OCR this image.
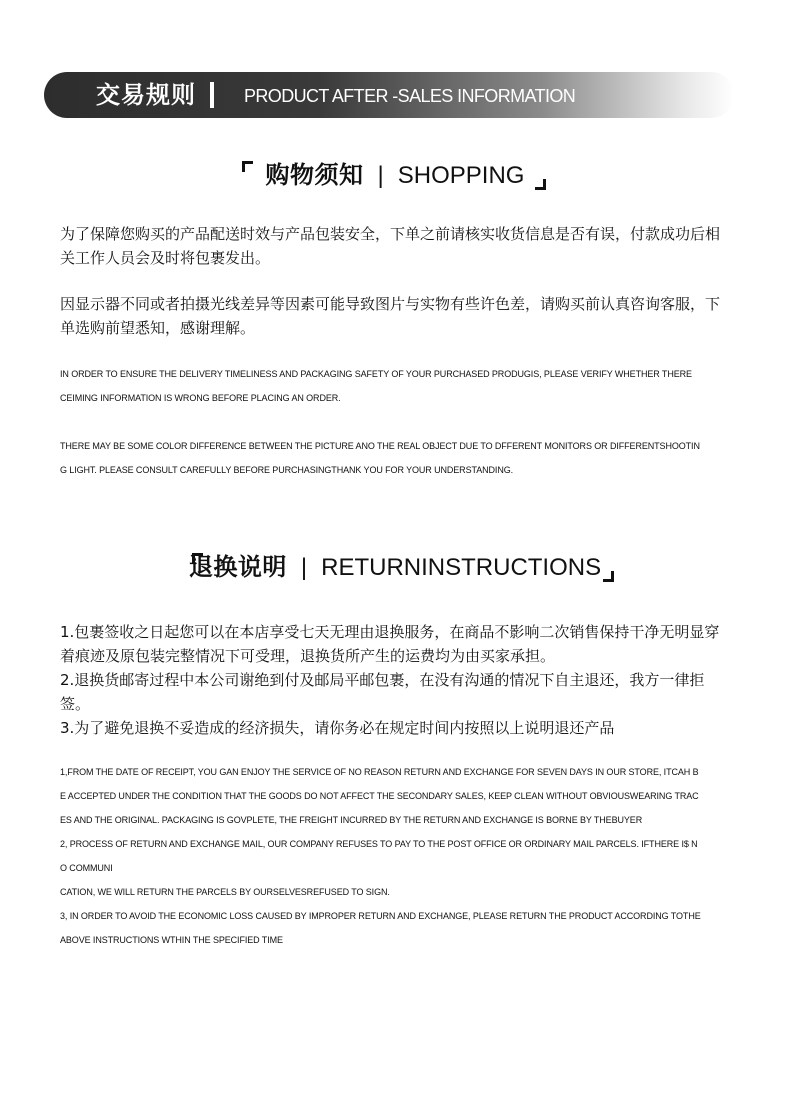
交易规则	PRODUCT AFTER -SALES INFORMATION
购物须知 | SHOPPING

为了保障您购买的产品配送时效与产品包装安全，下单之前请核实收货信息是否有误，付款成功后相关工作人员会及时将包裹发出。

因显示器不同或者拍摄光线差异等因素可能导致图片与实物有些许色差，请购买前认真咨询客服，下单选购前望悉知，感谢理解。

IN ORDER TO ENSURE THE DELIVERY TIMELINESS AND PACKAGING SAFETY OF YOUR PURCHASED PRODUGIS, PLEASE VERIFY WHETHER THERE
CEIMING INFORMATION IS WRONG BEFORE PLACING AN ORDER.
THERE MAY BE SOME COLOR DIFFERENCE BETWEEN THE PICTURE ANO THE REAL OBJECT DUE TO DFFERENT MONITORS OR DIFFERENTSHOOTIN
G LIGHT. PLEASE CONSULT CAREFULLY BEFORE PURCHASINGTHANK YOU FOR YOUR UNDERSTANDING.
退换说明 | RETURNINSTRUCTIONS

1.包裹签收之日起您可以在本店享受七天无理由退换服务，在商品不影响二次销售保持干净无明显穿着痕迹及原包装完整情况下可受理，退换货所产生的运费均为由买家承担。

2.退换货邮寄过程中本公司谢绝到付及邮局平邮包裹，在没有沟通的情况下自主退还，我方一律拒签。

3.为了避免退换不妥造成的经济损失，请你务必在规定时间内按照以上说明退还产品

1,FROM THE DATE OF RECEIPT, YOU GAN ENJOY THE SERVICE OF NO REASON RETURN AND EXCHANGE FOR SEVEN DAYS IN OUR STORE, ITCAH B
E ACCEPTED UNDER THE CONDITION THAT THE GOODS DO NOT AFFECT THE SECONDARY SALES, KEEP CLEAN WITHOUT OBVIOUSWEARING TRAC
ES AND THE ORIGINAL. PACKAGING IS GOVPLETE, THE FREIGHT INCURRED BY THE RETURN AND EXCHANGE IS BORNE BY THEBUYER
2, PROCESS OF RETURN AND EXCHANGE MAIL, OUR COMPANY REFUSES TO PAY TO THE POST OFFICE OR ORDINARY MAIL PARCELS. IFTHERE I$ N
O COMMUNI
CATION, WE WILL RETURN THE PARCELS BY OURSELVESREFUSED TO SIGN.
3, IN ORDER TO AVOID THE ECONOMIC LOSS CAUSED BY IMPROPER RETURN AND EXCHANGE, PLEASE RETURN THE PRODUCT ACCORDING TOTHE
ABOVE INSTRUCTIONS WTHIN THE SPECIFIED TIME
